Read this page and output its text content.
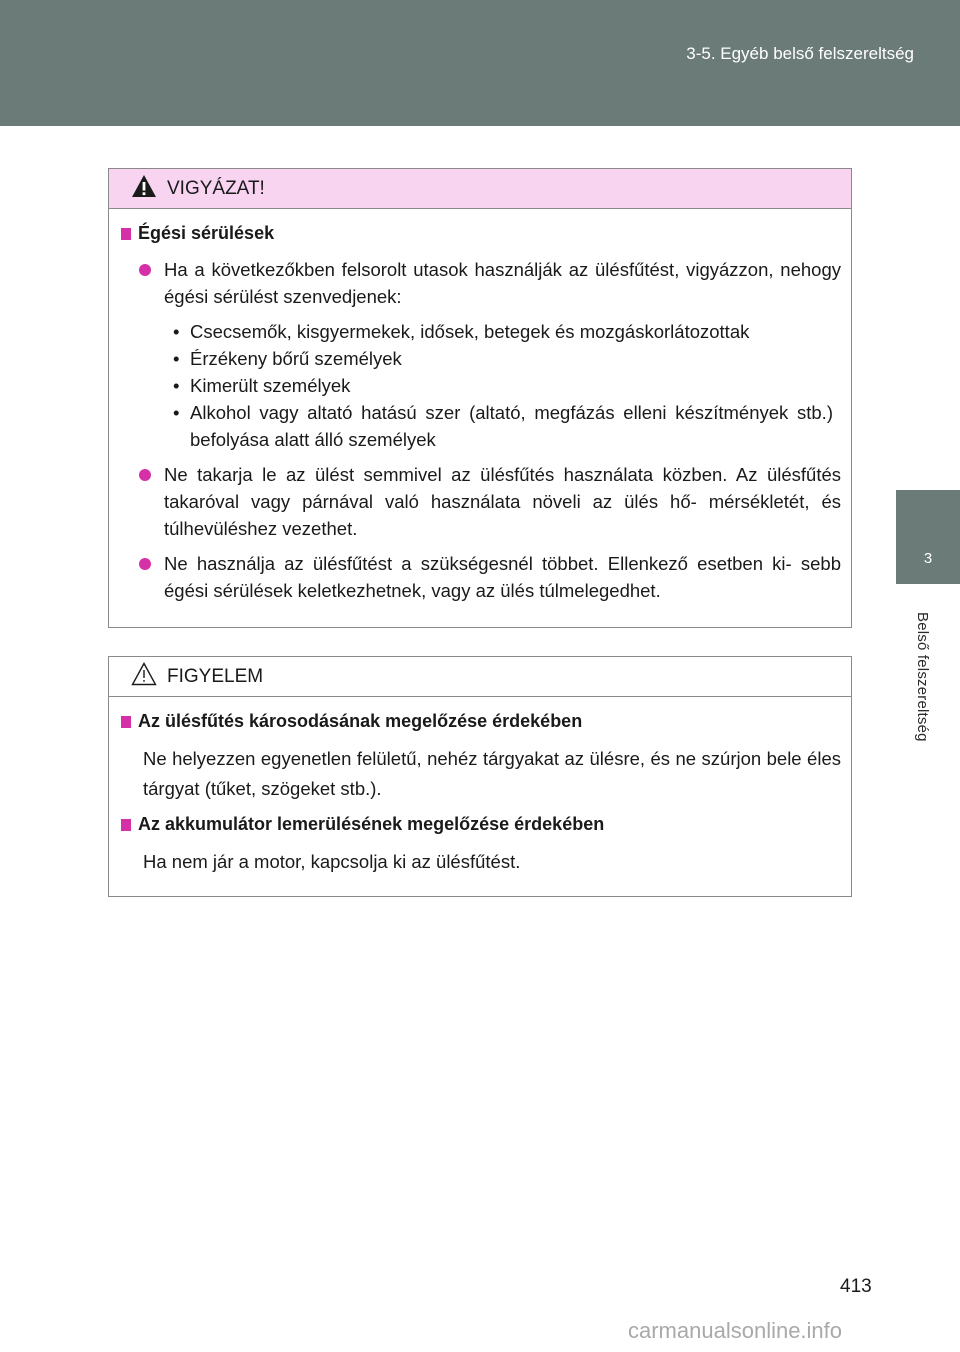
3-5. Egyéb belső felszereltség
3
Belső felszereltség
VIGYÁZAT!
Égési sérülések
Ha a következőkben felsorolt utasok használják az ülésfűtést, vigyázzon, nehogy égési sérülést szenvedjenek:
• Csecsemők, kisgyermekek, idősek, betegek és mozgáskorlátozottak
• Érzékeny bőrű személyek
• Kimerült személyek
• Alkohol vagy altató hatású szer (altató, megfázás elleni készítmények stb.) befolyása alatt álló személyek
Ne takarja le az ülést semmivel az ülésfűtés használata közben. Az ülésfűtés takaróval vagy párnával való használata növeli az ülés hő- mérsékletét, és túlhevüléshez vezethet.
Ne használja az ülésfűtést a szükségesnél többet. Ellenkező esetben ki- sebb égési sérülések keletkezhetnek, vagy az ülés túlmelegedhet.
FIGYELEM
Az ülésfűtés károsodásának megelőzése érdekében
Ne helyezzen egyenetlen felületű, nehéz tárgyakat az ülésre, és ne szúrjon bele éles tárgyat (tűket, szögeket stb.).
Az akkumulátor lemerülésének megelőzése érdekében
Ha nem jár a motor, kapcsolja ki az ülésfűtést.
413
carmanualsonline.info
